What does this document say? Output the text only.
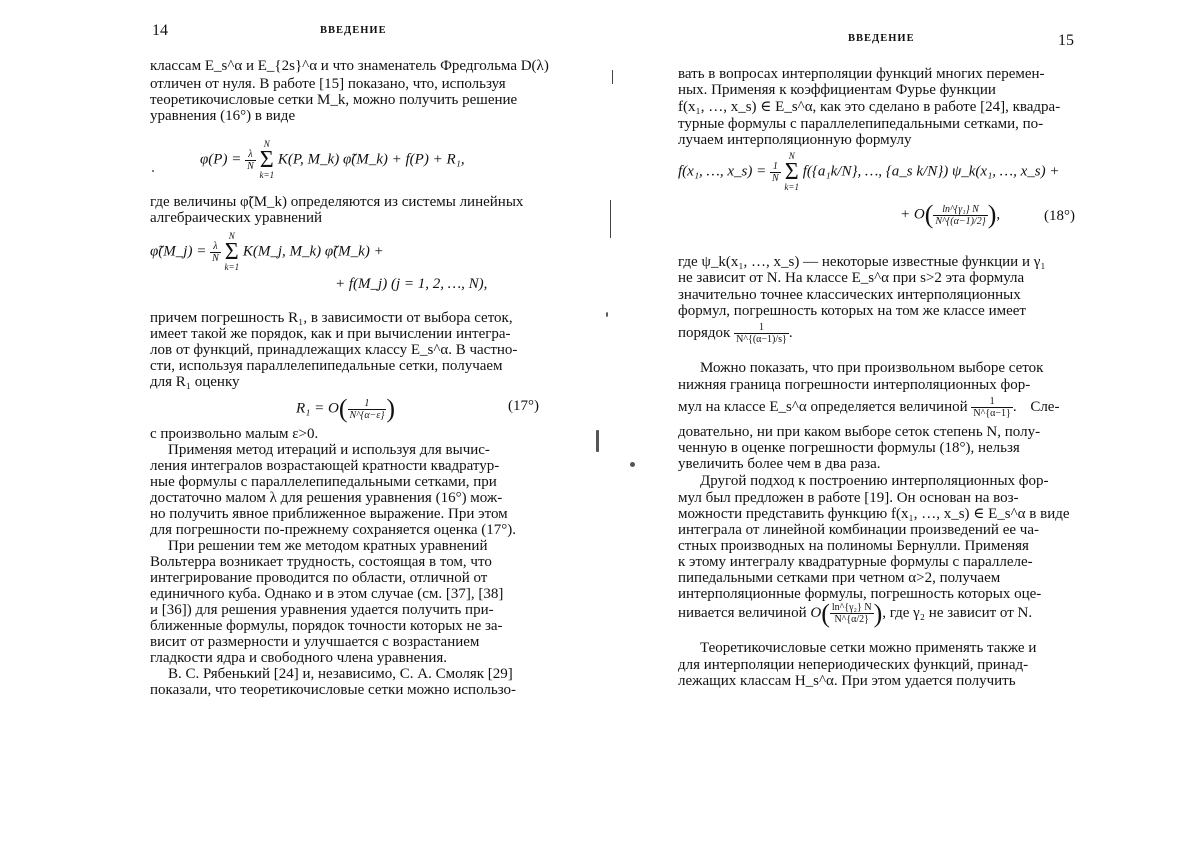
14	ВВЕДЕНИЕ
классам E_s^α и E_{2s}^α и что знаменатель Фредгольма D(λ)
отличен от нуля. В работе [15] показано, что, используя
теоретикочисловые сетки M_k, можно получить решение
уравнения (16°) в виде
$\varphi(P) = \frac{\lambda}{N}$
N
Σ
k=1 K(P, M_k) φ̃(M_k) + f(P) + R₁,
где величины φ̃(M_k) определяются из системы линейных
алгебраических уравнений
φ̃(M_j) = $\frac{\lambda}{N}$
N
Σ
k=1 K(M_j, M_k) φ̃(M_k) +
+ f(M_j) (j = 1, 2, …, N),
причем погрешность R₁, в зависимости от выбора сеток,
имеет такой же порядок, как и при вычислении интегра-
лов от функций, принадлежащих классу E_s^α. В частно-
сти, используя параллелепипедальные сетки, получаем
для R₁ оценку
$R_1 = O( \frac{1}{N\^{}\{\alpha-\varepsilon\}}$ )	(17°)
с произвольно малым ε>0.
Применяя метод итераций и используя для вычис-
ления интегралов возрастающей кратности квадратур-
ные формулы с параллелепипедальными сетками, при
достаточно малом λ для решения уравнения (16°) мож-
но получить явное приближенное выражение. При этом
для погрешности по-прежнему сохраняется оценка (17°).
При решении тем же методом кратных уравнений
Вольтерра возникает трудность, состоящая в том, что
интегрирование проводится по области, отличной от
единичного куба. Однако и в этом случае (см. [37], [38]
и [36]) для решения уравнения удается получить при-
ближенные формулы, порядок точности которых не за-
висит от размерности и улучшается с возрастанием
гладкости ядра и свободного члена уравнения.
В. С. Рябенький [24] и, независимо, С. А. Смоляк [29]
показали, что теоретикочисловые сетки можно использо-
ВВЕДЕНИЕ	15
вать в вопросах интерполяции функций многих перемен-
ных. Применяя к коэффициентам Фурье функции
f(x₁, …, x_s) ∈ E_s^α, как это сделано в работе [24], квадра-
турные формулы с параллелепипедальными сетками, по-
лучаем интерполяционную формулу
f(x₁, …, x_s) = $\frac{1}{N}$
N
Σ
k=1 f({a₁k/N}, …, {a_s k/N}) ψ_k(x₁, …, x_s) +
+ $O( \frac{\text{ln\textasciicircum{}\{γ₁\} N}}{N\^{}\{(\alpha-1)/2\}}$ ),	(18°)
где ψ_k(x₁, …, x_s) — некоторые известные функции и γ₁
не зависит от N. На классе E_s^α при s>2 эта формула
значительно точнее классических интерполяционных
формул, погрешность которых на том же классе имеет
порядок $\frac{1}{N\^{}\{(\alpha-1)/s\}}$ .
Можно показать, что при произвольном выборе сеток
нижняя граница погрешности интерполяционных фор-
мул на классе E_s^α определяется величиной $\frac{1}{N\^{}\{\alpha-1\}}$ . Сле-
довательно, ни при каком выборе сеток степень N, полу-
ченную в оценке погрешности формулы (18°), нельзя
увеличить более чем в два раза.
Другой подход к построению интерполяционных фор-
мул был предложен в работе [19]. Он основан на воз-
можности представить функцию f(x₁, …, x_s) ∈ E_s^α в виде
интеграла от линейной комбинации произведений ее ча-
стных производных на полиномы Бернулли. Применяя
к этому интегралу квадратурные формулы с параллеле-
пипедальными сетками при четном α>2, получаем
интерполяционные формулы, погрешность которых оце-
нивается величиной $O( \frac{\text{ln\textasciicircum{}\{γ₂\} N}}{N\^{}\{\alpha/2\}}$ ), где γ₂ не зависит от N.
Теоретикочисловые сетки можно применять также и
для интерполяции непериодических функций, принад-
лежащих классам H_s^α. При этом удается получить
